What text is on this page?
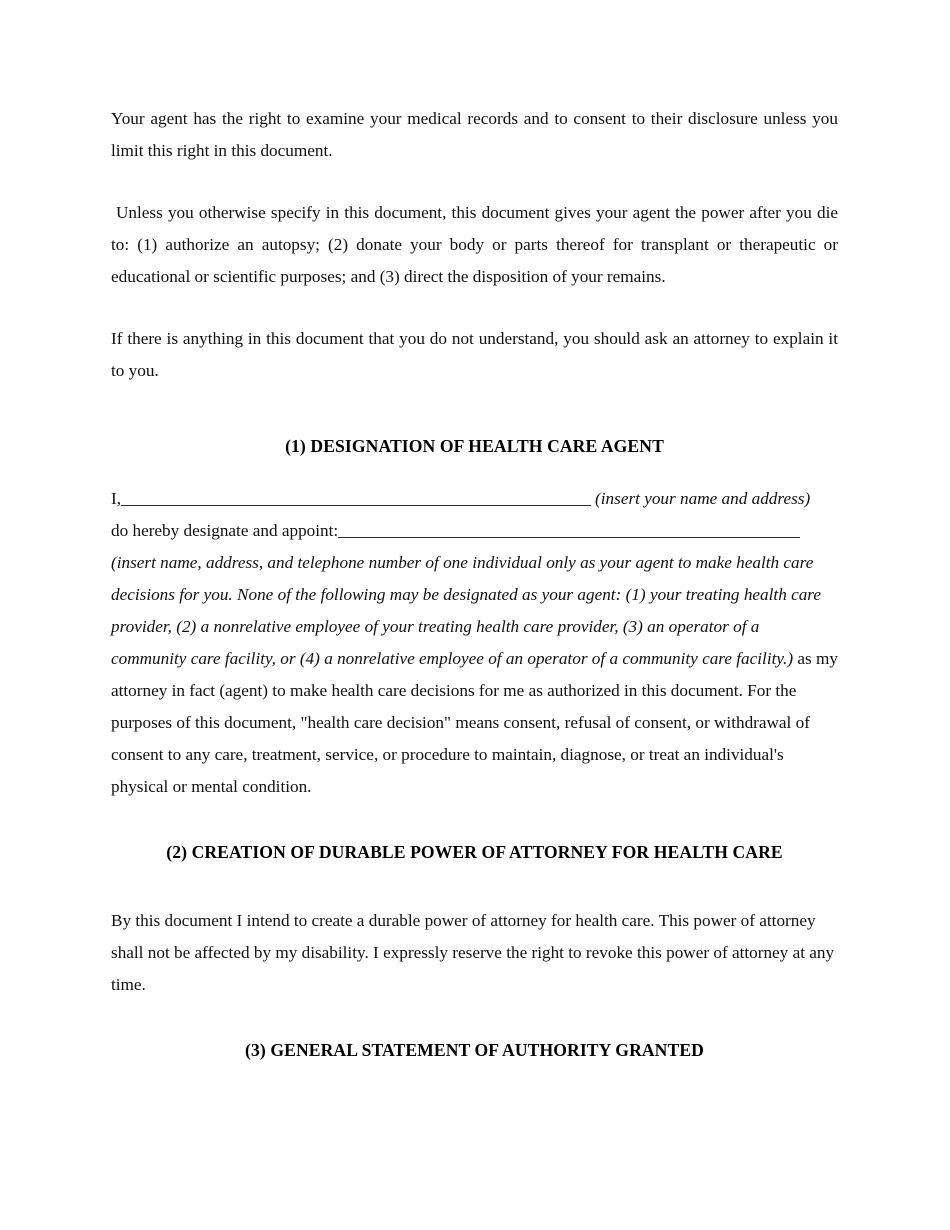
Your agent has the right to examine your medical records and to consent to their disclosure unless you limit this right in this document.

Unless you otherwise specify in this document, this document gives your agent the power after you die to: (1) authorize an autopsy; (2) donate your body or parts thereof for transplant or therapeutic or educational or scientific purposes; and (3) direct the disposition of your remains.

If there is anything in this document that you do not understand, you should ask an attorney to explain it to you.

(1) DESIGNATION OF HEALTH CARE AGENT

I,	(insert your name and address)

do hereby designate and appoint:

(insert name, address, and telephone number of one individual only as your agent to make health care decisions for you. None of the following may be designated as your agent: (1) your treating health care provider, (2) a nonrelative employee of your treating health care provider, (3) an operator of a community care facility, or (4) a nonrelative employee of an operator of a community care facility.) as my attorney in fact (agent) to make health care decisions for me as authorized in this document. For the purposes of this document, "health care decision" means consent, refusal of consent, or withdrawal of consent to any care, treatment, service, or procedure to maintain, diagnose, or treat an individual's physical or mental condition.

(2) CREATION OF DURABLE POWER OF ATTORNEY FOR HEALTH CARE

By this document I intend to create a durable power of attorney for health care. This power of attorney shall not be affected by my disability. I expressly reserve the right to revoke this power of attorney at any time.

(3) GENERAL STATEMENT OF AUTHORITY GRANTED
